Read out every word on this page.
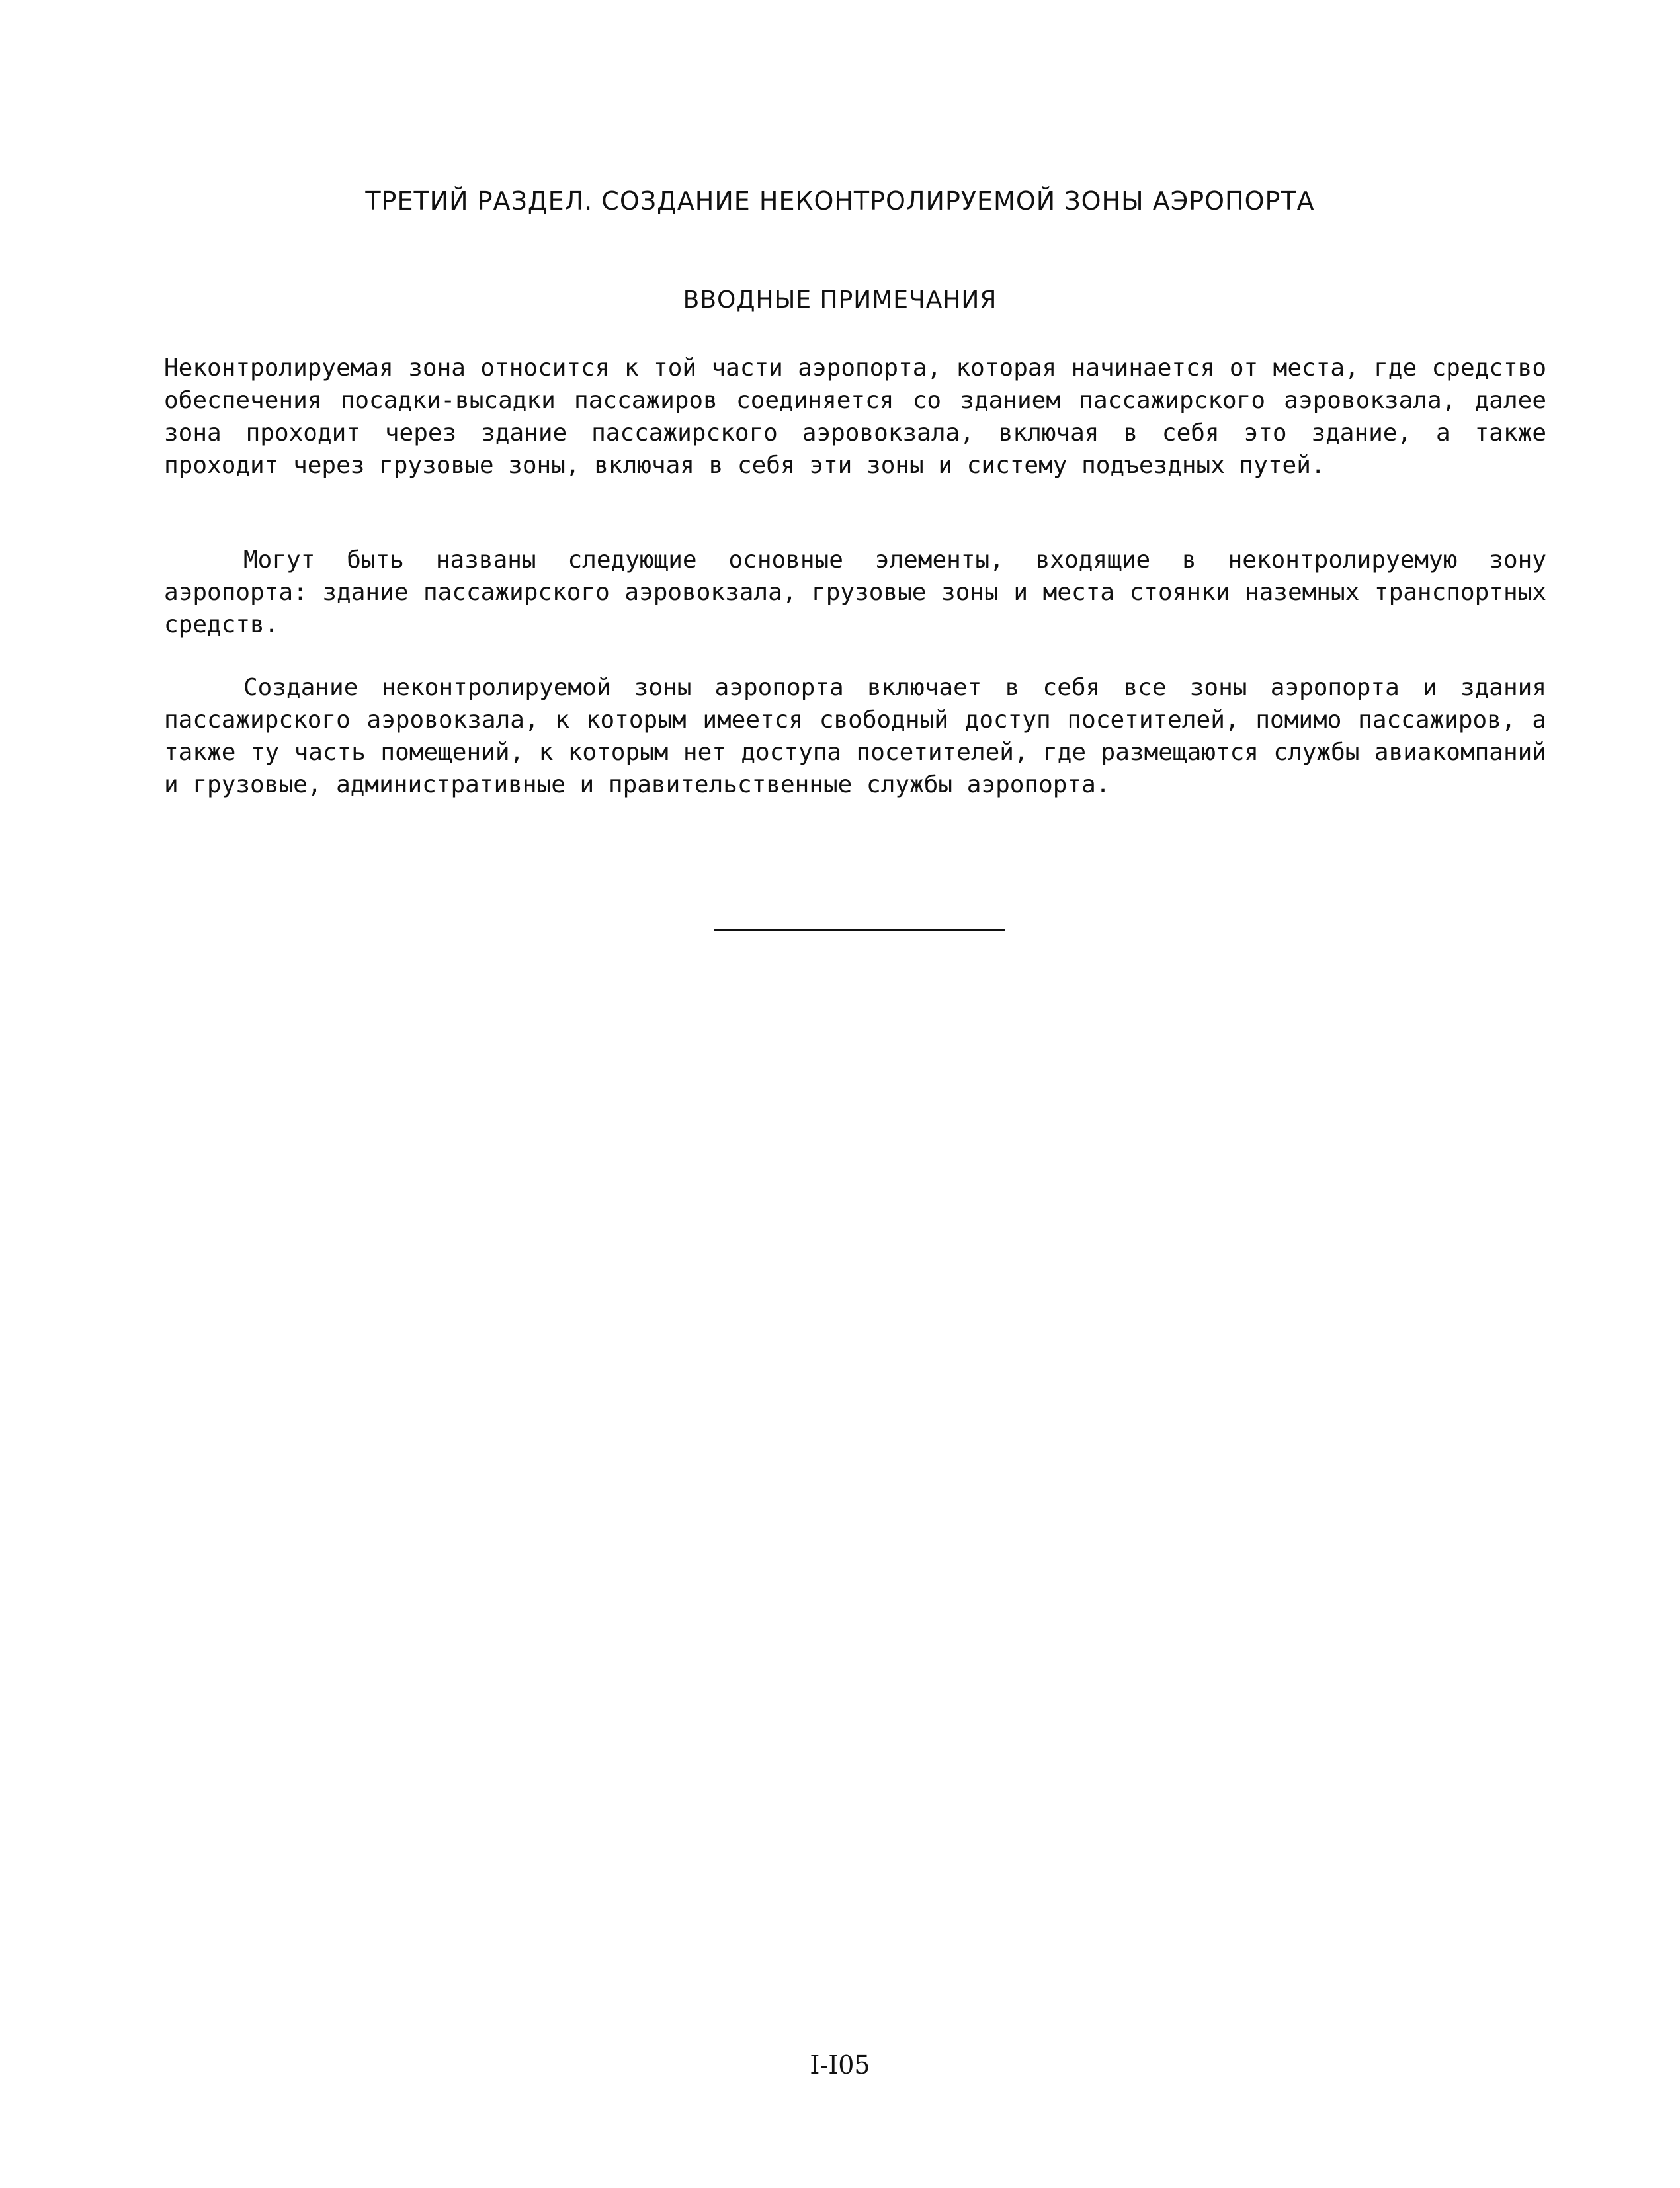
ТРЕТИЙ РАЗДЕЛ. СОЗДАНИЕ НЕКОНТРОЛИРУЕМОЙ ЗОНЫ АЭРОПОРТА
ВВОДНЫЕ ПРИМЕЧАНИЯ

Неконтролируемая зона относится к той части аэропорта, которая начинается от места, где средство обеспечения посадки-высадки пассажиров соединяется со зданием пассажирского аэровокзала, далее зона проходит через здание пассажирского аэровокзала, включая в себя это здание, а также проходит через грузовые зоны, включая в себя эти зоны и систему подъездных путей.

Могут быть названы следующие основные элементы, входящие в неконтролируемую зону аэропорта: здание пассажирского аэровокзала, грузовые зоны и места стоянки наземных транспортных средств.

Создание неконтролируемой зоны аэропорта включает в себя все зоны аэропорта и здания пассажирского аэровокзала, к которым имеется свободный доступ посетителей, помимо пассажиров, а также ту часть помещений, к которым нет доступа посетителей, где размещаются службы авиакомпаний и грузовые, административные и правительственные службы аэропорта.

I-I05
